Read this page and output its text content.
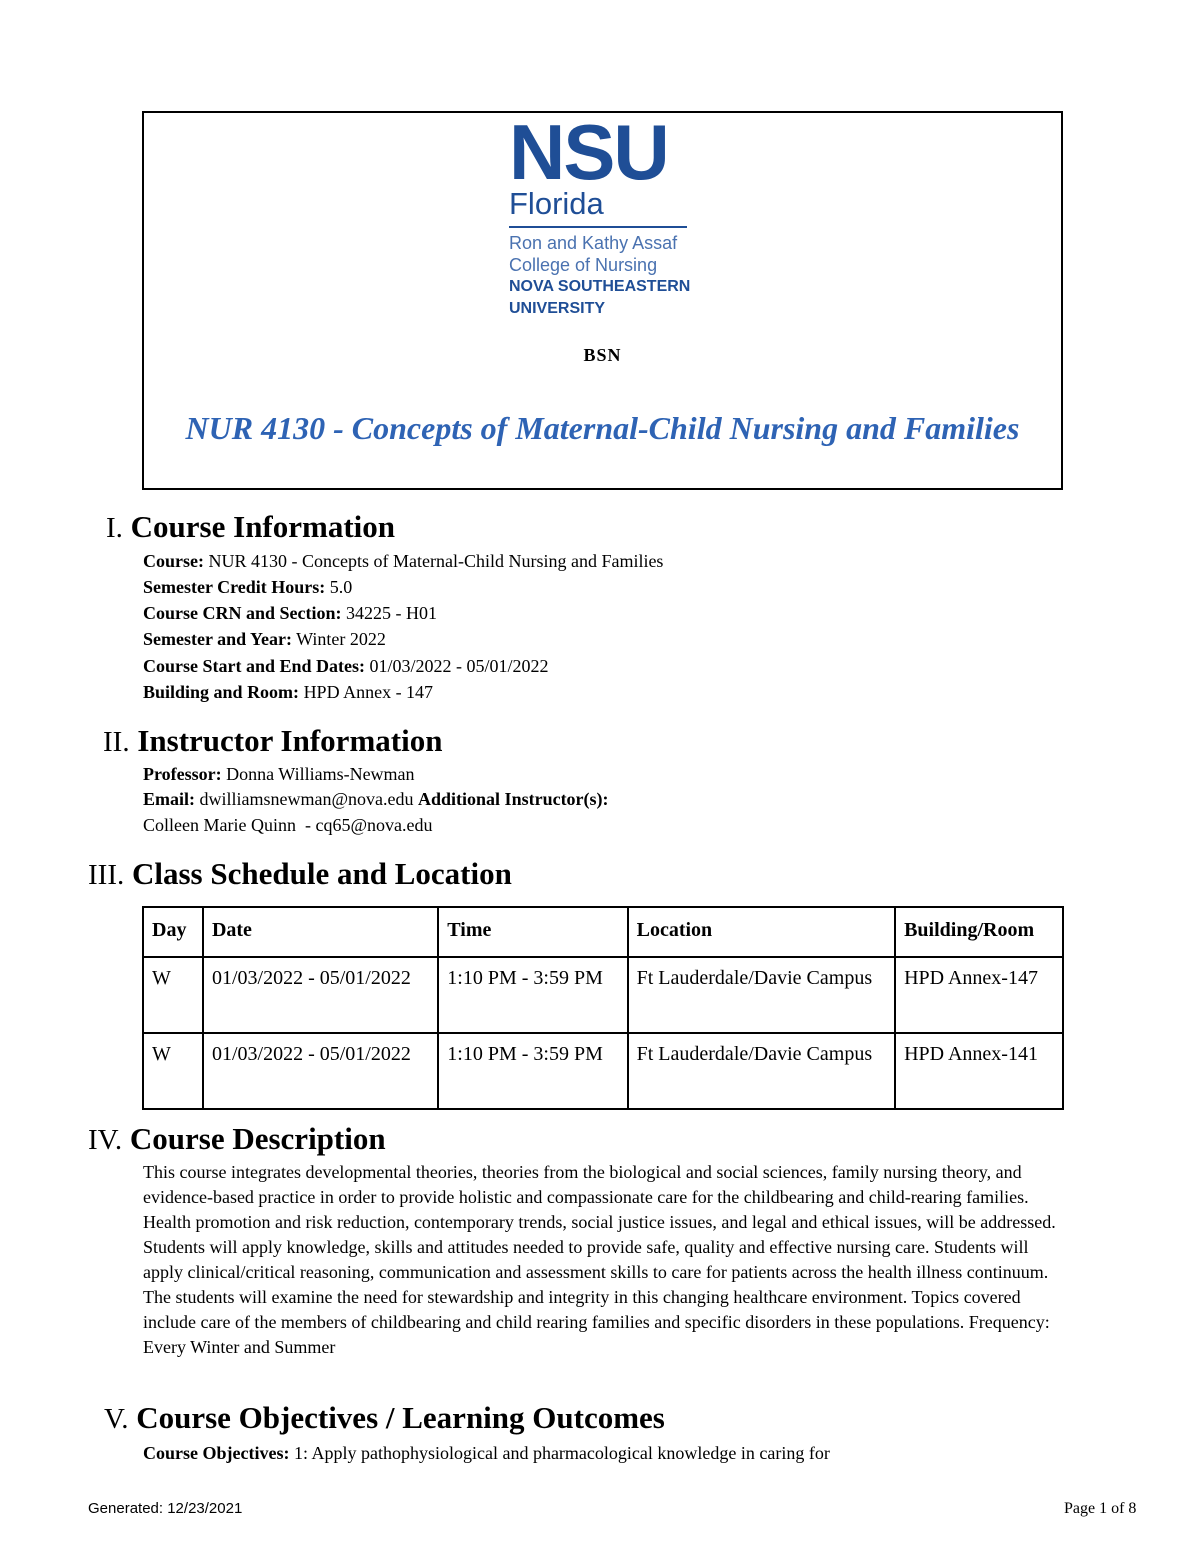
NSU
Florida
Ron and Kathy Assaf
College of Nursing
NOVA SOUTHEASTERN
UNIVERSITY
BSN
NUR 4130 - Concepts of Maternal-Child Nursing and Families
I. Course Information
Course: NUR 4130 - Concepts of Maternal-Child Nursing and Families
Semester Credit Hours: 5.0
Course CRN and Section: 34225 - H01
Semester and Year: Winter 2022
Course Start and End Dates: 01/03/2022 - 05/01/2022
Building and Room: HPD Annex - 147
II. Instructor Information
Professor: Donna Williams-Newman
Email: dwilliamsnewman@nova.edu Additional Instructor(s):
Colleen Marie Quinn  - cq65@nova.edu
III. Class Schedule and Location
Day	Date	Time	Location	Building/Room
W	01/03/2022 - 05/01/2022	1:10 PM - 3:59 PM	Ft Lauderdale/Davie Campus	HPD Annex-147
W	01/03/2022 - 05/01/2022	1:10 PM - 3:59 PM	Ft Lauderdale/Davie Campus	HPD Annex-141
IV. Course Description
This course integrates developmental theories, theories from the biological and social sciences, family nursing theory, and evidence-based practice in order to provide holistic and compassionate care for the childbearing and child-rearing families. Health promotion and risk reduction, contemporary trends, social justice issues, and legal and ethical issues, will be addressed. Students will apply knowledge, skills and attitudes needed to provide safe, quality and effective nursing care. Students will apply clinical/critical reasoning, communication and assessment skills to care for patients across the health illness continuum. The students will examine the need for stewardship and integrity in this changing healthcare environment. Topics covered include care of the members of childbearing and child rearing families and specific disorders in these populations. Frequency: Every Winter and Summer
V. Course Objectives / Learning Outcomes
Course Objectives: 1: Apply pathophysiological and pharmacological knowledge in caring for
Generated: 12/23/2021	Page 1 of 8
